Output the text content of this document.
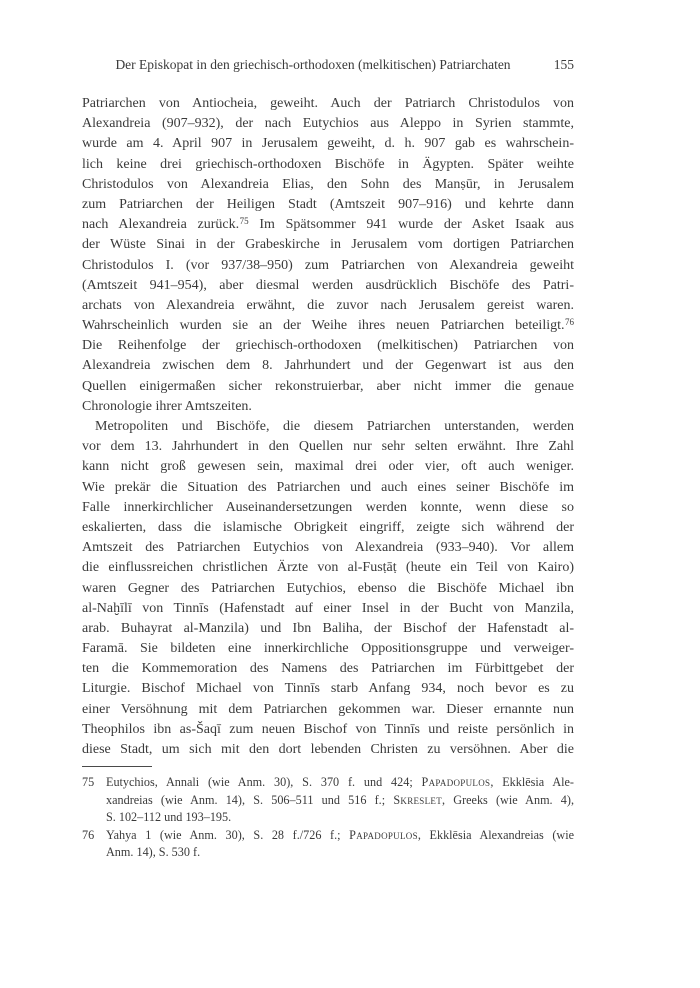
Der Episkopat in den griechisch-orthodoxen (melkitischen) Patriarchaten	155
Patriarchen von Antiocheia, geweiht. Auch der Patriarch Christodulos von
Alexandreia (907–932), der nach Eutychios aus Aleppo in Syrien stammte,
wurde am 4. April 907 in Jerusalem geweiht, d. h. 907 gab es wahrschein-
lich keine drei griechisch-orthodoxen Bischöfe in Ägypten. Später weihte
Christodulos von Alexandreia Elias, den Sohn des Manṣūr, in Jerusalem
zum Patriarchen der Heiligen Stadt (Amtszeit 907–916) und kehrte dann
nach Alexandreia zurück.$^{75}$ Im Spätsommer 941 wurde der Asket Isaak aus
der Wüste Sinai in der Grabeskirche in Jerusalem vom dortigen Patriarchen
Christodulos I. (vor 937/38–950) zum Patriarchen von Alexandreia geweiht
(Amtszeit 941–954), aber diesmal werden ausdrücklich Bischöfe des Patri-
archats von Alexandreia erwähnt, die zuvor nach Jerusalem gereist waren.
Wahrscheinlich wurden sie an der Weihe ihres neuen Patriarchen beteiligt.$^{76}$
Die Reihenfolge der griechisch-orthodoxen (melkitischen) Patriarchen von
Alexandreia zwischen dem 8. Jahrhundert und der Gegenwart ist aus den
Quellen einigermaßen sicher rekonstruierbar, aber nicht immer die genaue
Chronologie ihrer Amtszeiten.
Metropoliten und Bischöfe, die diesem Patriarchen unterstanden, werden
vor dem 13. Jahrhundert in den Quellen nur sehr selten erwähnt. Ihre Zahl
kann nicht groß gewesen sein, maximal drei oder vier, oft auch weniger.
Wie prekär die Situation des Patriarchen und auch eines seiner Bischöfe im
Falle innerkirchlicher Auseinandersetzungen werden konnte, wenn diese so
eskalierten, dass die islamische Obrigkeit eingriff, zeigte sich während der
Amtszeit des Patriarchen Eutychios von Alexandreia (933–940). Vor allem
die einflussreichen christlichen Ärzte von al-Fusṭāṭ (heute ein Teil von Kairo)
waren Gegner des Patriarchen Eutychios, ebenso die Bischöfe Michael ibn
al-Naḫīlī von Tinnīs (Hafenstadt auf einer Insel in der Bucht von Manzila,
arab. Buhayrat al-Manzila) und Ibn Baliha, der Bischof der Hafenstadt al-
Faramā. Sie bildeten eine innerkirchliche Oppositionsgruppe und verweiger-
ten die Kommemoration des Namens des Patriarchen im Fürbittgebet der
Liturgie. Bischof Michael von Tinnīs starb Anfang 934, noch bevor es zu
einer Versöhnung mit dem Patriarchen gekommen war. Dieser ernannte nun
Theophilos ibn as-Šaqī zum neuen Bischof von Tinnīs und reiste persönlich in
diese Stadt, um sich mit den dort lebenden Christen zu versöhnen. Aber die
75 Eutychios, Annali (wie Anm. 30), S. 370 f. und 424; Papadopulos, Ekklēsia Ale-
xandreias (wie Anm. 14), S. 506–511 und 516 f.; Skreslet, Greeks (wie Anm. 4),
S. 102–112 und 193–195.
76 Yahya 1 (wie Anm. 30), S. 28 f./726 f.; Papadopulos, Ekklēsia Alexandreias (wie
Anm. 14), S. 530 f.
